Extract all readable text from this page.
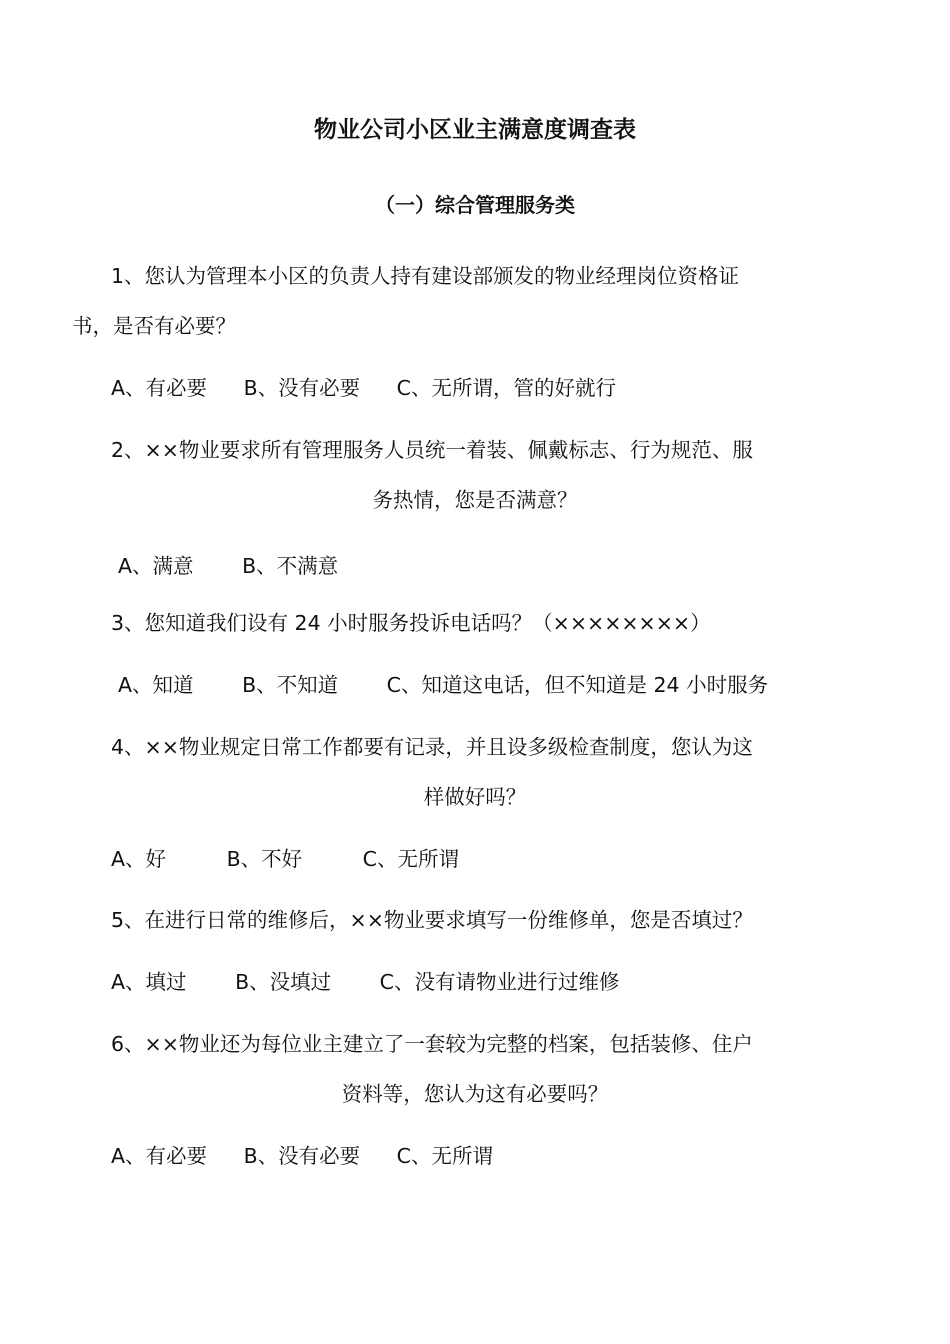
物业公司小区业主满意度调查表
（一）综合管理服务类
1、您认为管理本小区的负责人持有建设部颁发的物业经理岗位资格证
书，是否有必要？
A、有必要 B、没有必要 C、无所谓，管的好就行
2、××物业要求所有管理服务人员统一着装、佩戴标志、行为规范、服
务热情，您是否满意？
A、满意 B、不满意
3、您知道我们设有 24 小时服务投诉电话吗？（××××××××）
A、知道 B、不知道 C、知道这电话，但不知道是 24 小时服务
4、××物业规定日常工作都要有记录，并且设多级检查制度，您认为这
样做好吗？
A、好	B、不好	C、无所谓
5、在进行日常的维修后，××物业要求填写一份维修单，您是否填过？
A、填过 B、没填过 C、没有请物业进行过维修
6、××物业还为每位业主建立了一套较为完整的档案，包括装修、住户
资料等，您认为这有必要吗？
A、有必要 B、没有必要 C、无所谓
